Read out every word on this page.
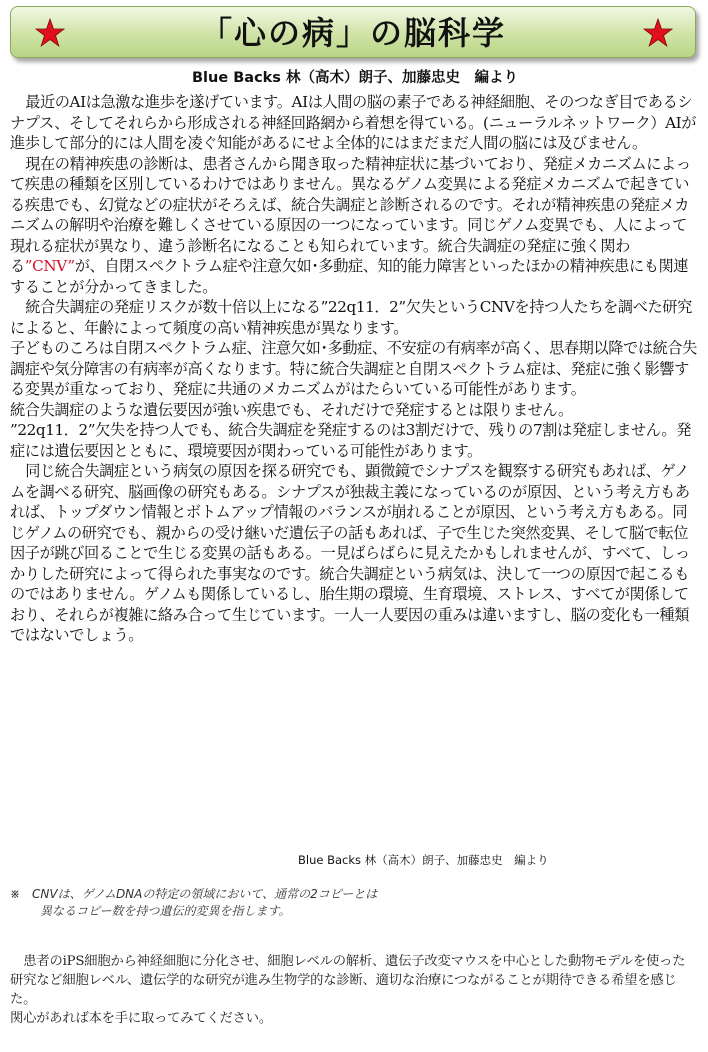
「心の病」の脳科学
Blue Backs 林（高木）朗子、加藤忠史　編より

最近のAIは急激な進歩を遂げています。AIは人間の脳の素子である神経細胞、そのつなぎ目であるシナプス、そしてそれらから形成される神経回路網から着想を得ている。(ニューラルネットワーク）AIが進歩して部分的には人間を凌ぐ知能があるにせよ全体的にはまだまだ人間の脳には及びません。

現在の精神疾患の診断は、患者さんから聞き取った精神症状に基づいており、発症メカニズムによって疾患の種類を区別しているわけではありません。異なるゲノム変異による発症メカニズムで起きている疾患でも、幻覚などの症状がそろえば、統合失調症と診断されるのです。それが精神疾患の発症メカニズムの解明や治療を難しくさせている原因の一つになっています。同じゲノム変異でも、人によって現れる症状が異なり、違う診断名になることも知られています。統合失調症の発症に強く関わる”CNV”が、自閉スペクトラム症や注意欠如･多動症、知的能力障害といったほかの精神疾患にも関連することが分かってきました。

統合失調症の発症リスクが数十倍以上になる”22q11．2”欠失というCNVを持つ人たちを調べた研究によると、年齢によって頻度の高い精神疾患が異なります。

子どものころは自閉スペクトラム症、注意欠如･多動症、不安症の有病率が高く、思春期以降では統合失調症や気分障害の有病率が高くなります。特に統合失調症と自閉スペクトラム症は、発症に強く影響する変異が重なっており、発症に共通のメカニズムがはたらいている可能性があります。

統合失調症のような遺伝要因が強い疾患でも、それだけで発症するとは限りません。

”22q11．2”欠失を持つ人でも、統合失調症を発症するのは3割だけで、残りの7割は発症しません。発症には遺伝要因とともに、環境要因が関わっている可能性があります。

同じ統合失調症という病気の原因を探る研究でも、顕微鏡でシナプスを観察する研究もあれば、ゲノムを調べる研究、脳画像の研究もある。シナプスが独裁主義になっているのが原因、という考え方もあれば、トップダウン情報とボトムアップ情報のバランスが崩れることが原因、という考え方もある。同じゲノムの研究でも、親からの受け継いだ遺伝子の話もあれば、子で生じた突然変異、そして脳で転位因子が跳び回ることで生じる変異の話もある。一見ばらばらに見えたかもしれませんが、すべて、しっかりした研究によって得られた事実なのです。統合失調症という病気は、決して一つの原因で起こるものではありません。ゲノムも関係しているし、胎生期の環境、生育環境、ストレス、すべてが関係しており、それらが複雑に絡み合って生じています。一人一人要因の重みは違いますし、脳の変化も一種類ではないでしょう。

Blue Backs 林（高木）朗子、加藤忠史　編より
※　CNVは、ゲノムDNAの特定の領域において、通常の2コピーとは
異なるコピー数を持つ遺伝的変異を指します。

患者のiPS細胞から神経細胞に分化させ、細胞レベルの解析、遺伝子改変マウスを中心とした動物モデルを使った研究など細胞レベル、遺伝学的な研究が進み生物学的な診断、適切な治療につながることが期待できる希望を感じた。

関心があれば本を手に取ってみてください。
